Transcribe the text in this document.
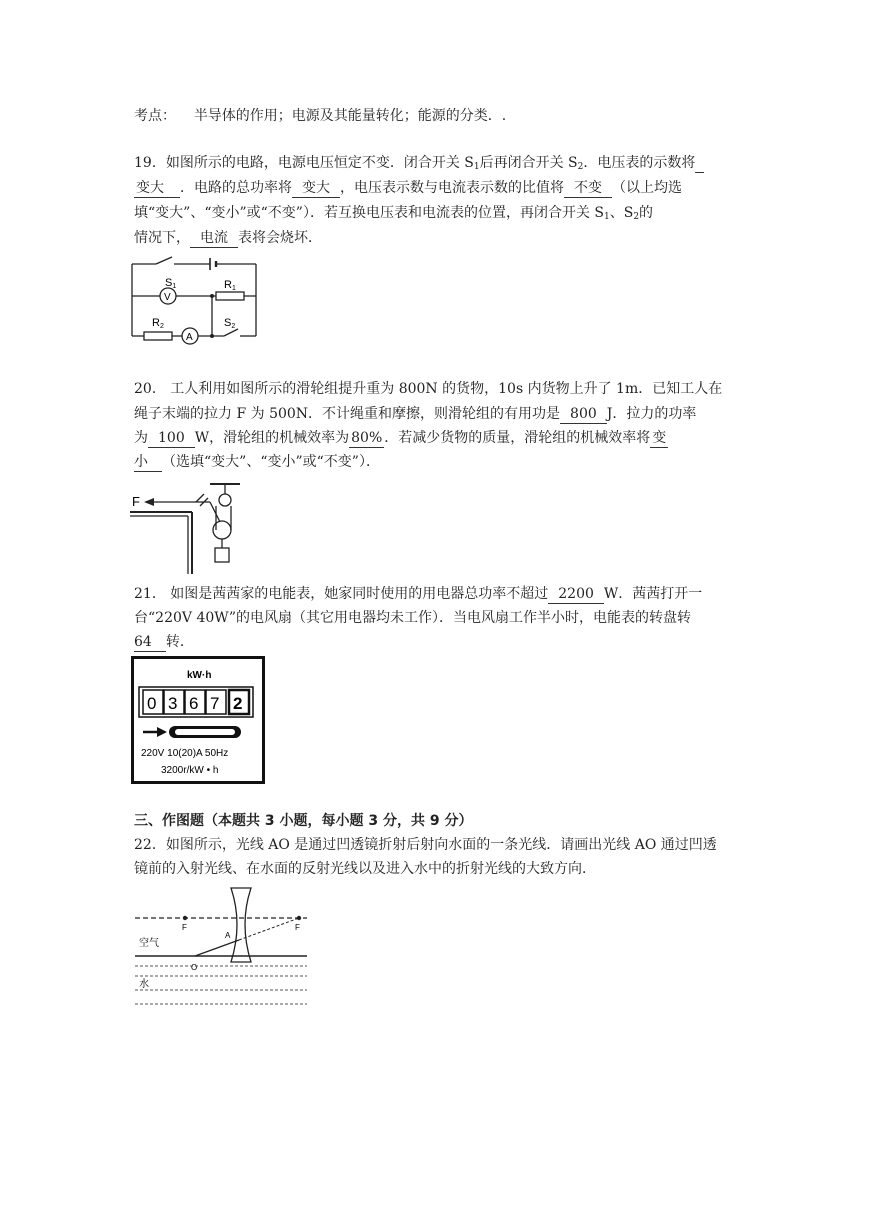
考点： 半导体的作用；电源及其能量转化；能源的分类．.
19．如图所示的电路，电源电压恒定不变．闭合开关 $S_1$后再闭合开关 $S_2$．电压表的示数将
变大 ．电路的总功率将 变大 ，电压表示数与电流表示数的比值将 不变 （以上均选
填“变大”、“变小”或“不变”）．若互换电压表和电流表的位置，再闭合开关 $S_1$、$S_2$的
情况下， 电流 表将会烧坏．
S1	R1
V
R2
A
S2
20． 工人利用如图所示的滑轮组提升重为 800N 的货物，10s 内货物上升了 1m．已知工人在
绳子末端的拉力 F 为 500N．不计绳重和摩擦，则滑轮组的有用功是 800 J．拉力的功率
为 100 W，滑轮组的机械效率为 80% ．若减少货物的质量，滑轮组的机械效率将 变
小 （选填“变大”、“变小”或“不变”）．
F
21． 如图是茜茜家的电能表，她家同时使用的用电器总功率不超过 2200 W．茜茜打开一
台“220V 40W”的电风扇（其它用电器均未工作）．当电风扇工作半小时，电能表的转盘转
64 转．
kW·h
0 3 6 7 2
220V 10(20)A 50Hz
3200r/kW • h
三、作图题（本题共 3 小题，每小题 3 分，共 9 分）
22．如图所示，光线 AO 是通过凹透镜折射后射向水面的一条光线．请画出光线 AO 通过凹透
镜前的入射光线、在水面的反射光线以及进入水中的折射光线的大致方向．
F	F
A
O
空气
水
